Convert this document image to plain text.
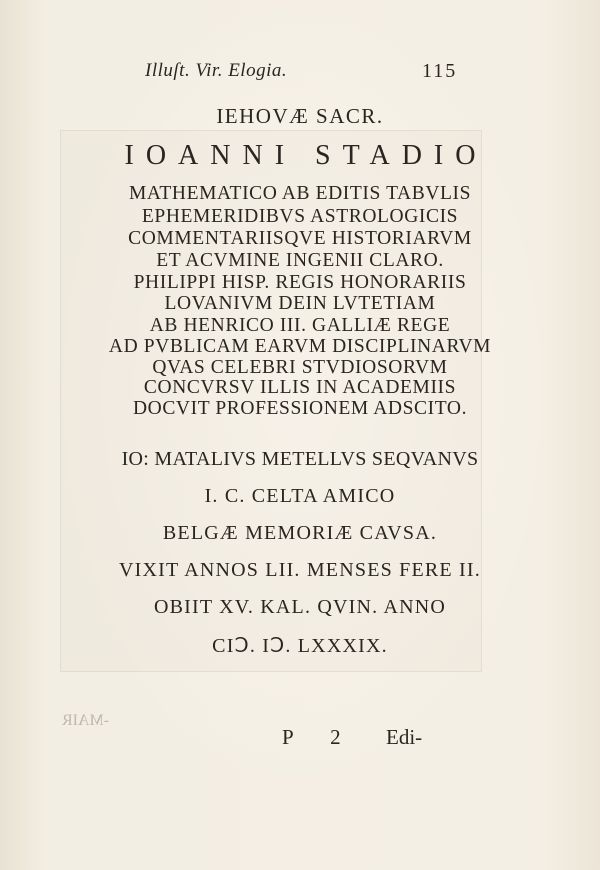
Illuſt. Vir. Elogia.	115
IEHOVÆ SACR.
IOANNI STADIO
MATHEMATICO AB EDITIS TABVLIS
EPHEMERIDIBVS ASTROLOGICIS
COMMENTARIISQVE HISTORIARVM
ET ACVMINE INGENII CLARO.
PHILIPPI HISP. REGIS HONORARIIS
LOVANIVM DEIN LVTETIAM
AB HENRICO III. GALLIÆ REGE
AD PVBLICAM EARVM DISCIPLINARVM
QVAS CELEBRI STVDIOSORVM
CONCVRSV ILLIS IN ACADEMIIS
DOCVIT PROFESSIONEM ADSCITO.
IO: MATALIVS METELLVS SEQVANVS
I. C. CELTA AMICO
BELGÆ MEMORIÆ CAVSA.
VIXIT ANNOS LII. MENSES FERE II.
OBIIT XV. KAL. QVIN. ANNO
CIↃ. IↃ. LXXXIX.
-MAIR
P 2 Edi-
